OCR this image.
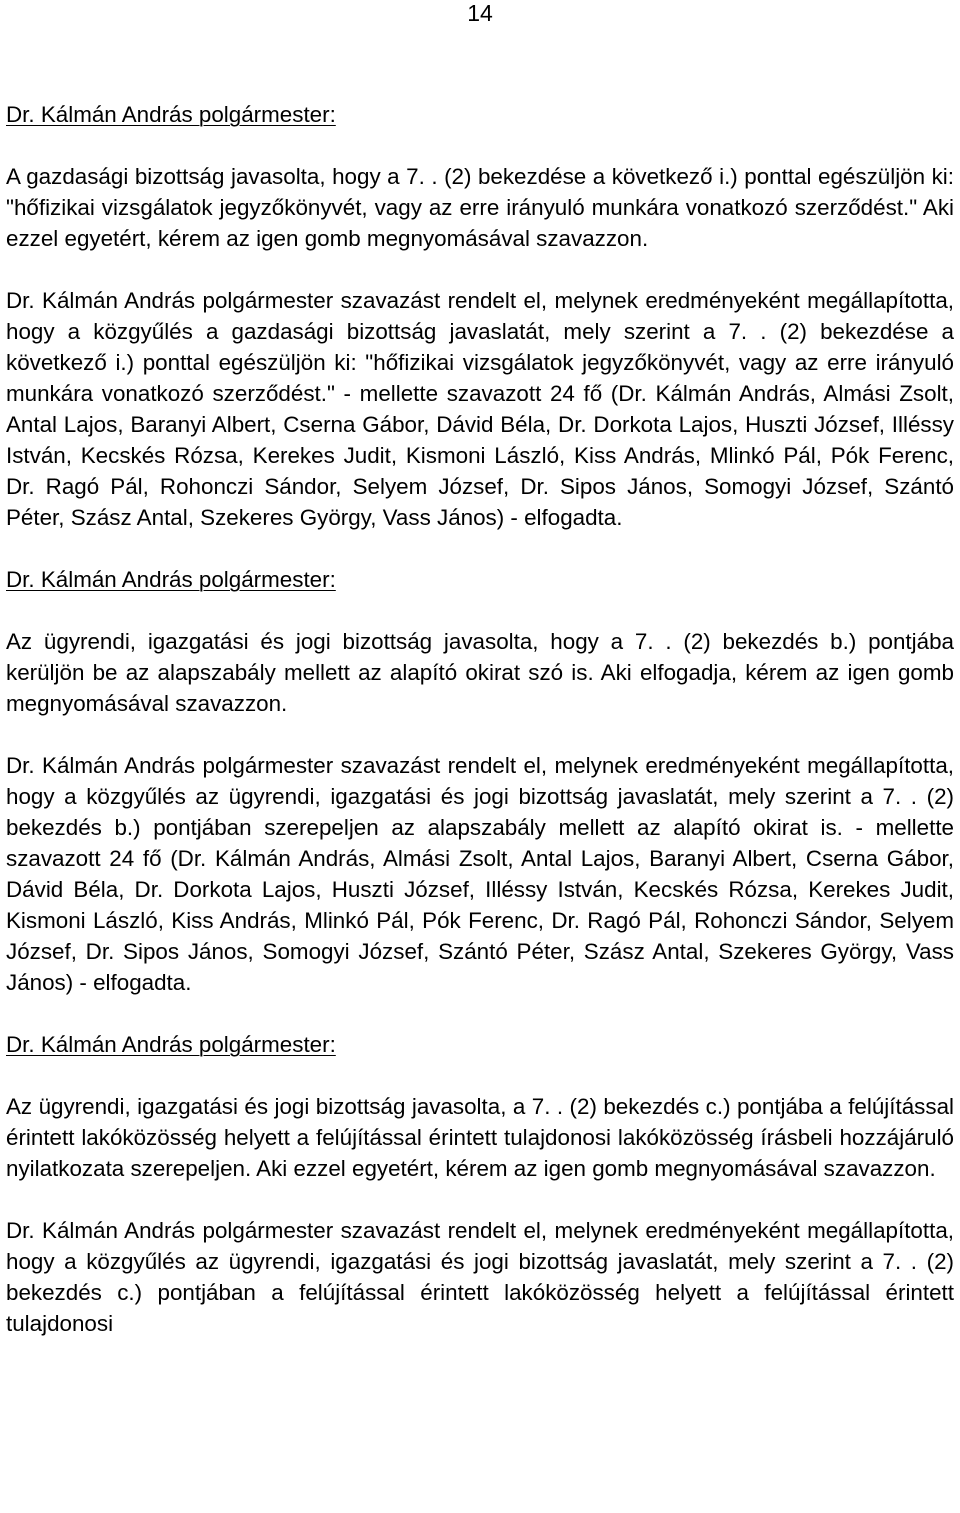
14

Dr. Kálmán András polgármester:

A gazdasági bizottság javasolta, hogy a 7. . (2) bekezdése a következő i.) ponttal egészüljön ki: "hőfizikai vizsgálatok jegyzőkönyvét, vagy az erre irányuló munkára vonatkozó szerződést." Aki ezzel egyetért, kérem az igen gomb megnyomásával szavazzon.

Dr. Kálmán András polgármester szavazást rendelt el, melynek eredményeként megállapította, hogy a közgyűlés a gazdasági bizottság javaslatát, mely szerint a 7. . (2) bekezdése a következő i.) ponttal egészüljön ki: "hőfizikai vizsgálatok jegyzőkönyvét, vagy az erre irányuló munkára vonatkozó szerződést." - mellette szavazott 24 fő (Dr. Kálmán András, Almási Zsolt, Antal Lajos, Baranyi Albert, Cserna Gábor, Dávid Béla, Dr. Dorkota Lajos, Huszti József, Illéssy István, Kecskés Rózsa, Kerekes Judit, Kismoni László, Kiss András, Mlinkó Pál, Pók Ferenc, Dr. Ragó Pál, Rohonczi Sándor, Selyem József, Dr. Sipos János, Somogyi József, Szántó Péter, Szász Antal, Szekeres György, Vass János) - elfogadta.

Dr. Kálmán András polgármester:

Az ügyrendi, igazgatási és jogi bizottság javasolta, hogy a 7. . (2) bekezdés b.) pontjába kerüljön be az alapszabály mellett az alapító okirat szó is. Aki elfogadja, kérem az igen gomb megnyomásával szavazzon.

Dr. Kálmán András polgármester szavazást rendelt el, melynek eredményeként megállapította, hogy a közgyűlés az ügyrendi, igazgatási és jogi bizottság javaslatát, mely szerint a 7. . (2) bekezdés b.) pontjában szerepeljen az alapszabály mellett az alapító okirat is. - mellette szavazott 24 fő (Dr. Kálmán András, Almási Zsolt, Antal Lajos, Baranyi Albert, Cserna Gábor, Dávid Béla, Dr. Dorkota Lajos, Huszti József, Illéssy István, Kecskés Rózsa, Kerekes Judit, Kismoni László, Kiss András, Mlinkó Pál, Pók Ferenc, Dr. Ragó Pál, Rohonczi Sándor, Selyem József, Dr. Sipos János, Somogyi József, Szántó Péter, Szász Antal, Szekeres György, Vass János) - elfogadta.

Dr. Kálmán András polgármester:

Az ügyrendi, igazgatási és jogi bizottság javasolta, a 7. . (2) bekezdés c.) pontjába a felújítással érintett lakóközösség helyett a felújítással érintett tulajdonosi lakóközösség írásbeli hozzájáruló nyilatkozata szerepeljen. Aki ezzel egyetért, kérem az igen gomb megnyomásával szavazzon.

Dr. Kálmán András polgármester szavazást rendelt el, melynek eredményeként megállapította, hogy a közgyűlés az ügyrendi, igazgatási és jogi bizottság javaslatát, mely szerint a 7. . (2) bekezdés c.) pontjában a felújítással érintett lakóközösség helyett a felújítással érintett tulajdonosi
